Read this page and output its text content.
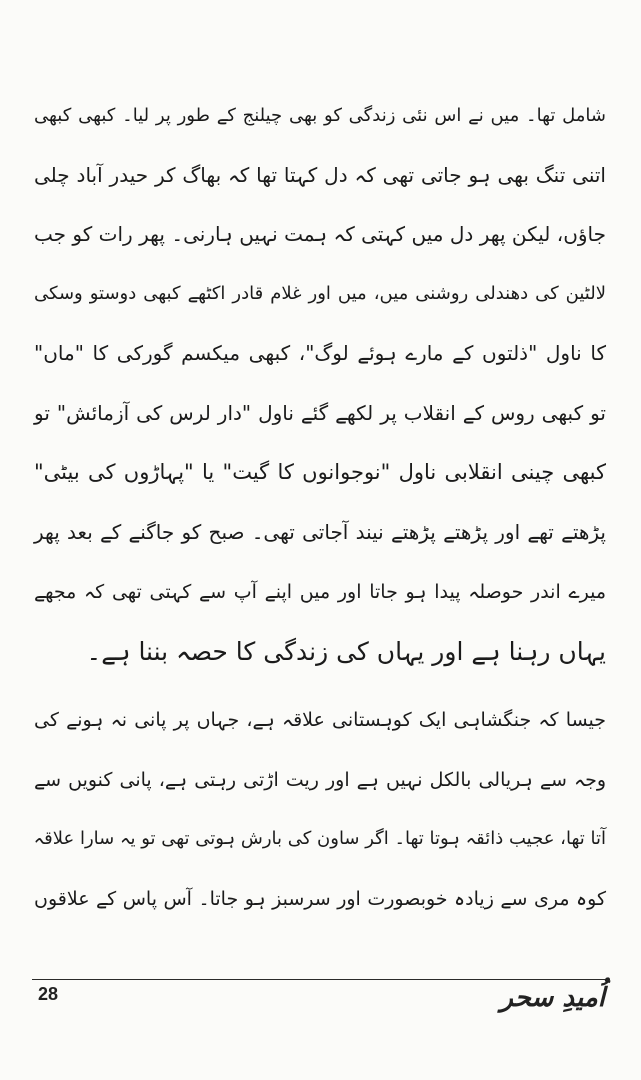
شامل تھا۔ میں نے اس نئی زندگی کو بھی چیلنج کے طور پر لیا۔ کبھی کبھی
اتنی تنگ بھی ہو جاتی تھی کہ دل کہتا تھا کہ بھاگ کر حیدر آباد چلی
جاؤں، لیکن پھر دل میں کہتی کہ ہمت نہیں ہارنی۔ پھر رات کو جب
لالٹین کی دھندلی روشنی میں، میں اور غلام قادر اکٹھے کبھی دوستو وسکی
کا ناول "ذلتوں کے مارے ہوئے لوگ"، کبھی میکسم گورکی کا "ماں"
تو کبھی روس کے انقلاب پر لکھے گئے ناول "دار لرس کی آزمائش" تو
کبھی چینی انقلابی ناول "نوجوانوں کا گیت" یا "پہاڑوں کی بیٹی"
پڑھتے تھے اور پڑھتے پڑھتے نیند آجاتی تھی۔ صبح کو جاگنے کے بعد پھر
میرے اندر حوصلہ پیدا ہو جاتا اور میں اپنے آپ سے کہتی تھی کہ مجھے
یہاں رہنا ہے اور یہاں کی زندگی کا حصہ بننا ہے۔
جیسا کہ جنگشاہی ایک کوہستانی علاقہ ہے، جہاں پر پانی نہ ہونے کی
وجہ سے ہریالی بالکل نہیں ہے اور ریت اڑتی رہتی ہے، پانی کنویں سے
آتا تھا، عجیب ذائقہ ہوتا تھا۔ اگر ساون کی بارش ہوتی تھی تو یہ سارا علاقہ
کوہ مری سے زیادہ خوبصورت اور سرسبز ہو جاتا۔ آس پاس کے علاقوں
28	اُمیدِ سحر
